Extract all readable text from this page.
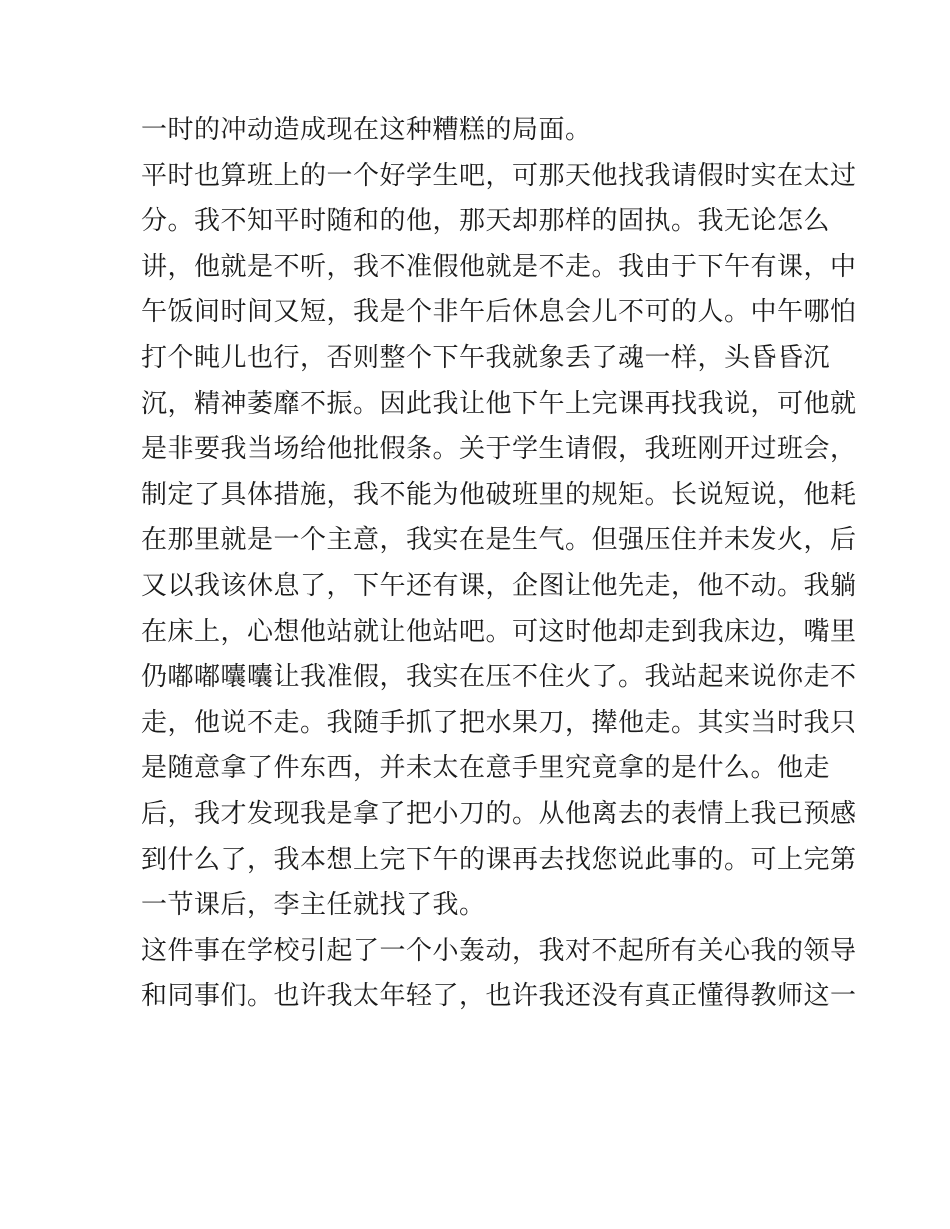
一时的冲动造成现在这种糟糕的局面。
平时也算班上的一个好学生吧，可那天他找我请假时实在太过
分。我不知平时随和的他，那天却那样的固执。我无论怎么
讲，他就是不听，我不准假他就是不走。我由于下午有课，中
午饭间时间又短，我是个非午后休息会儿不可的人。中午哪怕
打个盹儿也行，否则整个下午我就象丢了魂一样，头昏昏沉
沉，精神萎靡不振。因此我让他下午上完课再找我说，可他就
是非要我当场给他批假条。关于学生请假，我班刚开过班会，
制定了具体措施，我不能为他破班里的规矩。长说短说，他耗
在那里就是一个主意，我实在是生气。但强压住并未发火，后
又以我该休息了，下午还有课，企图让他先走，他不动。我躺
在床上，心想他站就让他站吧。可这时他却走到我床边，嘴里
仍嘟嘟囔囔让我准假，我实在压不住火了。我站起来说你走不
走，他说不走。我随手抓了把水果刀，撵他走。其实当时我只
是随意拿了件东西，并未太在意手里究竟拿的是什么。他走
后，我才发现我是拿了把小刀的。从他离去的表情上我已预感
到什么了，我本想上完下午的课再去找您说此事的。可上完第
一节课后，李主任就找了我。
这件事在学校引起了一个小轰动，我对不起所有关心我的领导
和同事们。也许我太年轻了，也许我还没有真正懂得教师这一
